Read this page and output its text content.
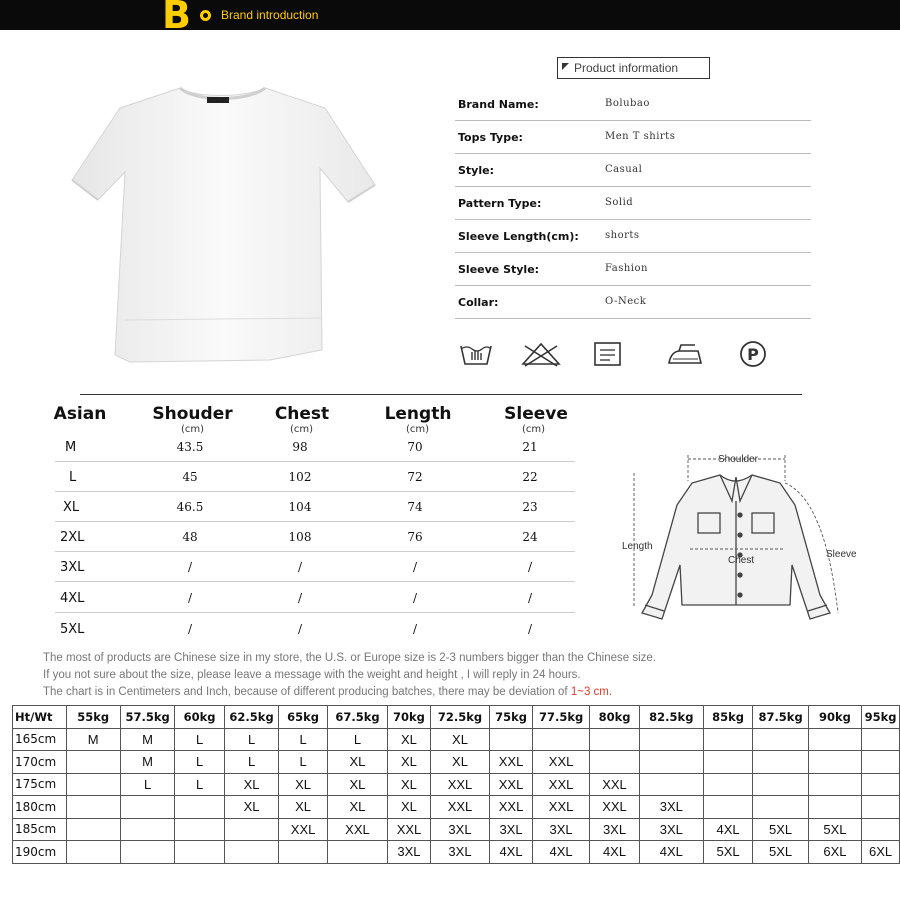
B	Brand introduction
Product information
Brand Name:	Bolubao
Tops Type:	Men T shirts
Style:	Casual
Pattern Type:	Solid
Sleeve Length(cm):	shorts
Sleeve Style:	Fashion
Collar:	O-Neck
P
Asian	Shouder	Chest	Length	Sleeve
(cm)	(cm)	(cm)	(cm)
M	43.5	98	70	21
L	45	102	72	22
XL	46.5	104	74	23
2XL	48	108	76	24
3XL	/	/	/	/
4XL	/	/	/	/
5XL	/	/	/	/
Shoulder
Length
Chest
Sleeve
The most of products are Chinese size in my store, the U.S. or Europe size is 2-3 numbers bigger than the Chinese size.
If you not sure about the size, please leave a message with the weight and height , I will reply in 24 hours.
The chart is in Centimeters and Inch, because of different producing batches, there may be deviation of 1~3 cm.
Ht/Wt	55kg	57.5kg	60kg	62.5kg	65kg	67.5kg	70kg	72.5kg	75kg	77.5kg	80kg	82.5kg	85kg	87.5kg	90kg	95kg
165cm	M	M	L	L	L	L	XL	XL								
170cm		M	L	L	L	XL	XL	XL	XXL	XXL						
175cm		L	L	XL	XL	XL	XL	XXL	XXL	XXL	XXL					
180cm				XL	XL	XL	XL	XXL	XXL	XXL	XXL	3XL				
185cm					XXL	XXL	XXL	3XL	3XL	3XL	3XL	3XL	4XL	5XL	5XL	
190cm							3XL	3XL	4XL	4XL	4XL	4XL	5XL	5XL	6XL	6XL
